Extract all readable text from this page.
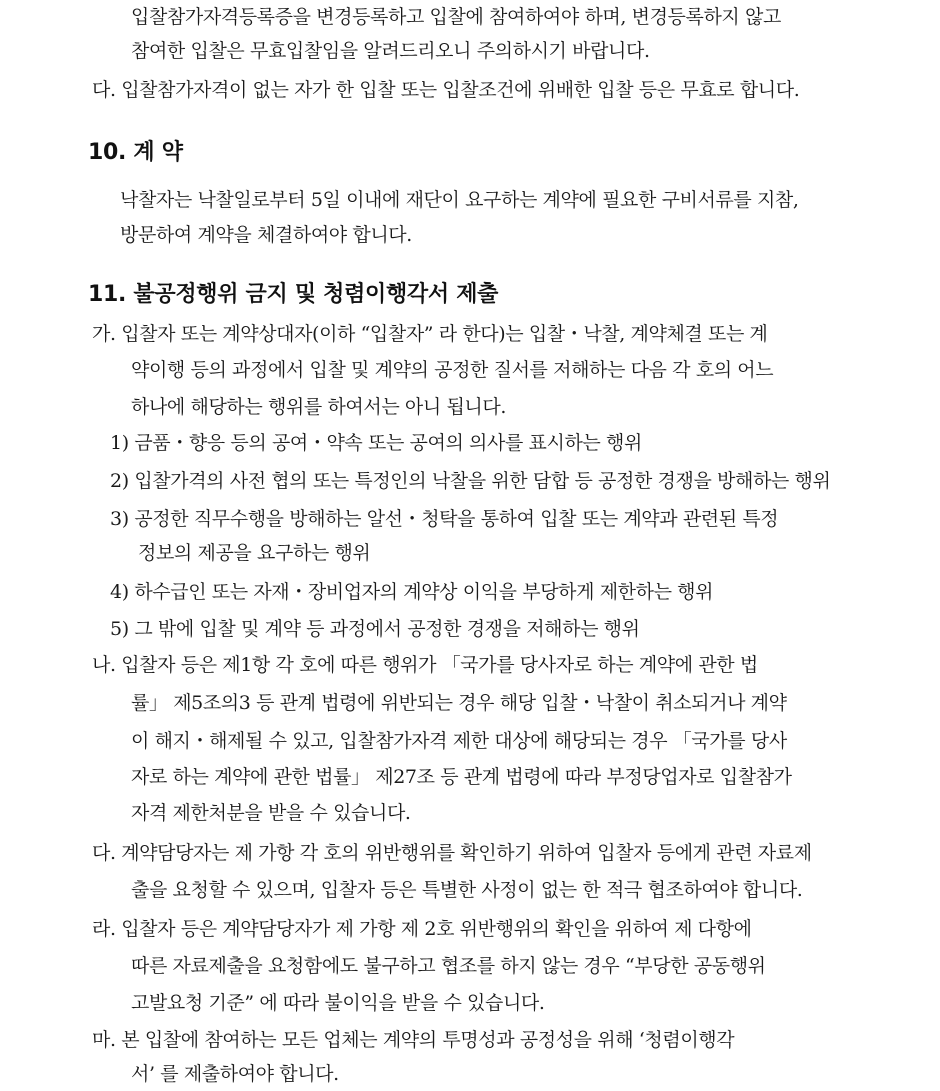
입찰참가자격등록증을 변경등록하고 입찰에 참여하여야 하며, 변경등록하지 않고
참여한 입찰은 무효입찰임을 알려드리오니 주의하시기 바랍니다.
다. 입찰참가자격이 없는 자가 한 입찰 또는 입찰조건에 위배한 입찰 등은 무효로 합니다.
10. 계 약
낙찰자는 낙찰일로부터 5일 이내에 재단이 요구하는 계약에 필요한 구비서류를 지참,
방문하여 계약을 체결하여야 합니다.
11. 불공정행위 금지 및 청렴이행각서 제출
가. 입찰자 또는 계약상대자(이하 “입찰자” 라 한다)는 입찰・낙찰, 계약체결 또는 계
약이행 등의 과정에서 입찰 및 계약의 공정한 질서를 저해하는 다음 각 호의 어느
하나에 해당하는 행위를 하여서는 아니 됩니다.
1) 금품・향응 등의 공여・약속 또는 공여의 의사를 표시하는 행위
2) 입찰가격의 사전 협의 또는 특정인의 낙찰을 위한 담합 등 공정한 경쟁을 방해하는 행위
3) 공정한 직무수행을 방해하는 알선・청탁을 통하여 입찰 또는 계약과 관련된 특정
정보의 제공을 요구하는 행위
4) 하수급인 또는 자재・장비업자의 계약상 이익을 부당하게 제한하는 행위
5) 그 밖에 입찰 및 계약 등 과정에서 공정한 경쟁을 저해하는 행위
나. 입찰자 등은 제1항 각 호에 따른 행위가 「국가를 당사자로 하는 계약에 관한 법
률」 제5조의3 등 관계 법령에 위반되는 경우 해당 입찰・낙찰이 취소되거나 계약
이 해지・해제될 수 있고, 입찰참가자격 제한 대상에 해당되는 경우 「국가를 당사
자로 하는 계약에 관한 법률」 제27조 등 관계 법령에 따라 부정당업자로 입찰참가
자격 제한처분을 받을 수 있습니다.
다. 계약담당자는 제 가항 각 호의 위반행위를 확인하기 위하여 입찰자 등에게 관련 자료제
출을 요청할 수 있으며, 입찰자 등은 특별한 사정이 없는 한 적극 협조하여야 합니다.
라. 입찰자 등은 계약담당자가 제 가항 제 2호 위반행위의 확인을 위하여 제 다항에
따른 자료제출을 요청함에도 불구하고 협조를 하지 않는 경우 “부당한 공동행위
고발요청 기준” 에 따라 불이익을 받을 수 있습니다.
마. 본 입찰에 참여하는 모든 업체는 계약의 투명성과 공정성을 위해 ‘청렴이행각
서’ 를 제출하여야 합니다.
